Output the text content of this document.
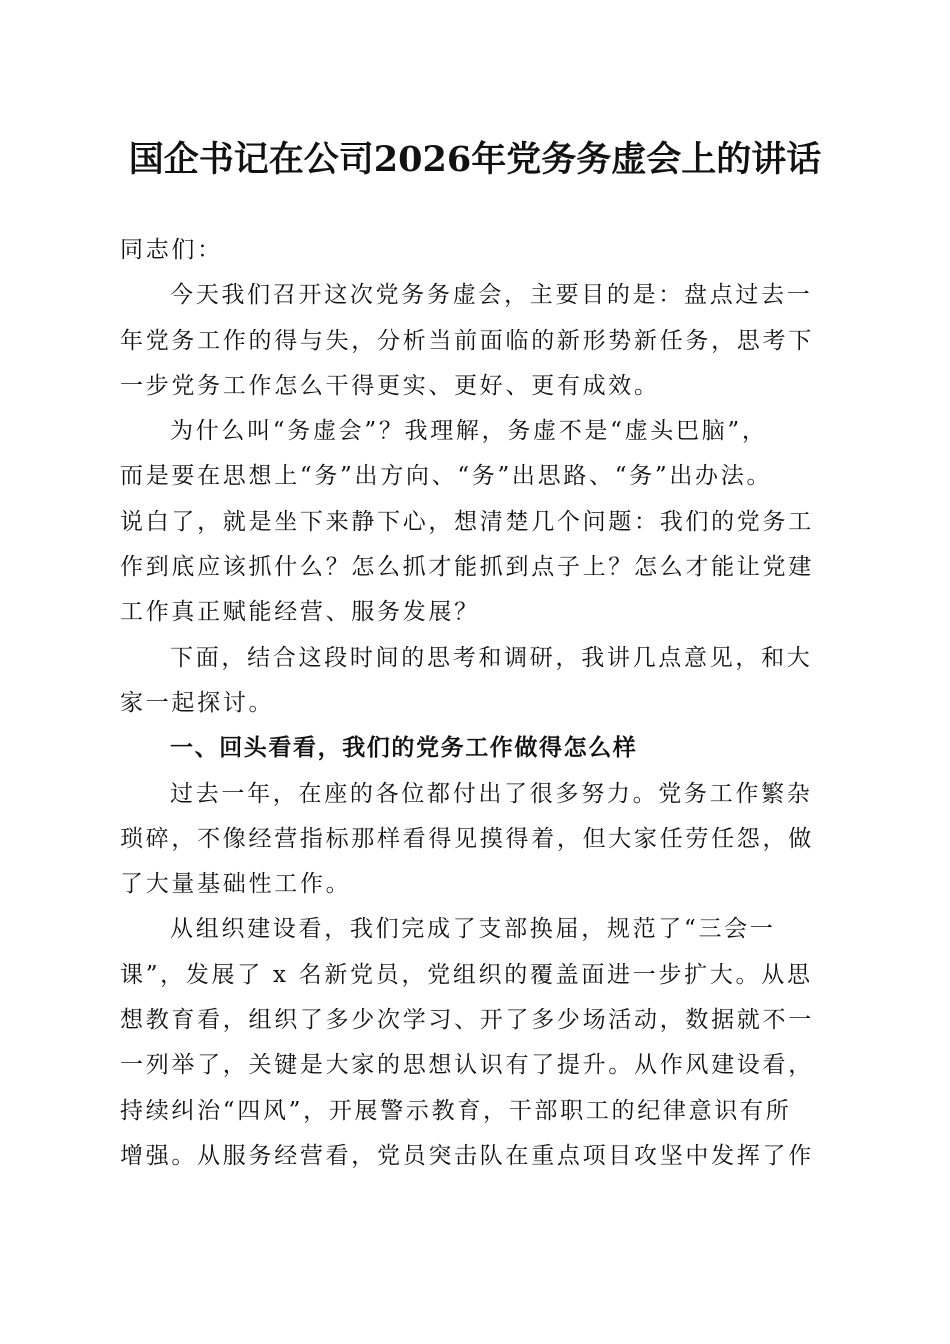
国企书记在公司2026年党务务虚会上的讲话

同志们：

今天我们召开这次党务务虚会，主要目的是：盘点过去一

年党务工作的得与失，分析当前面临的新形势新任务，思考下

一步党务工作怎么干得更实、更好、更有成效。

为什么叫“务虚会”？我理解，务虚不是“虚头巴脑”，

而是要在思想上“务”出方向、“务”出思路、“务”出办法。

说白了，就是坐下来静下心，想清楚几个问题：我们的党务工

作到底应该抓什么？怎么抓才能抓到点子上？怎么才能让党建

工作真正赋能经营、服务发展？

下面，结合这段时间的思考和调研，我讲几点意见，和大

家一起探讨。

一、回头看看，我们的党务工作做得怎么样

过去一年，在座的各位都付出了很多努力。党务工作繁杂

琐碎，不像经营指标那样看得见摸得着，但大家任劳任怨，做

了大量基础性工作。

从组织建设看，我们完成了支部换届，规范了“三会一

课”，发展了 x 名新党员，党组织的覆盖面进一步扩大。从思

想教育看，组织了多少次学习、开了多少场活动，数据就不一

一列举了，关键是大家的思想认识有了提升。从作风建设看，

持续纠治“四风”，开展警示教育，干部职工的纪律意识有所

增强。从服务经营看，党员突击队在重点项目攻坚中发挥了作
